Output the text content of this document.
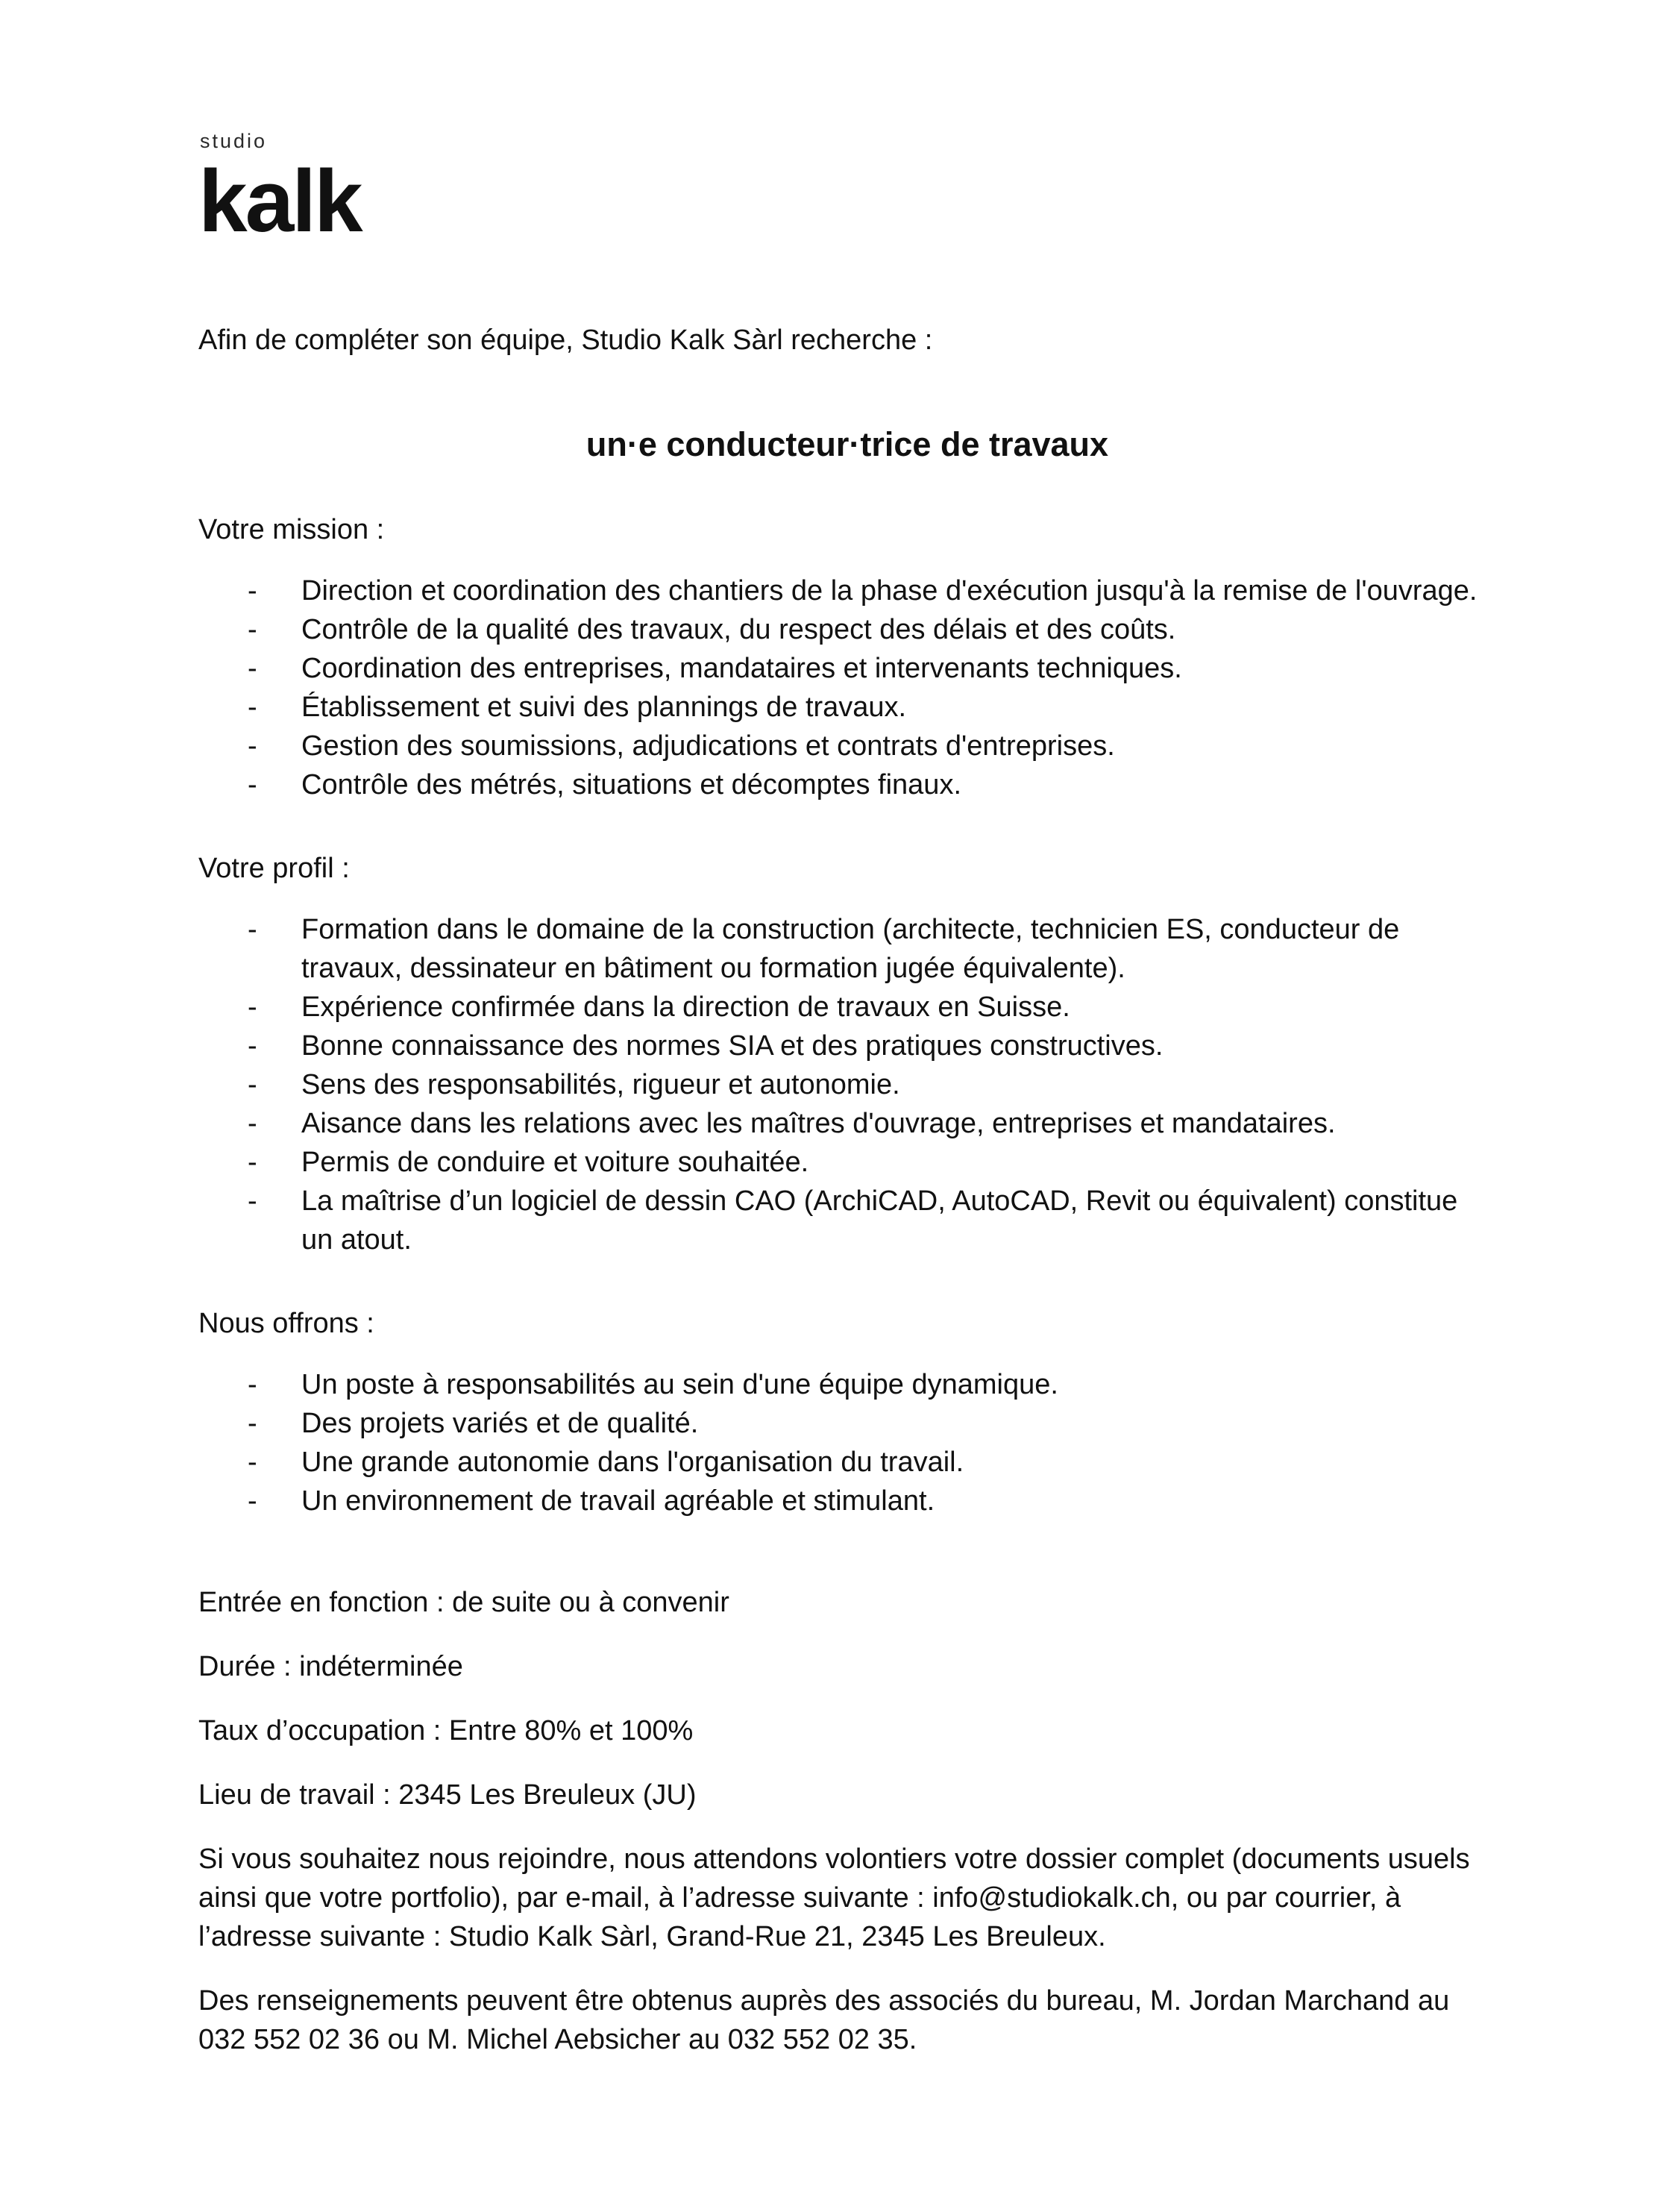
studio
kalk

Afin de compléter son équipe, Studio Kalk Sàrl recherche :

un·e conducteur·trice de travaux

Votre mission :

- Direction et coordination des chantiers de la phase d'exécution jusqu'à la remise de l'ouvrage.
- Contrôle de la qualité des travaux, du respect des délais et des coûts.
- Coordination des entreprises, mandataires et intervenants techniques.
- Établissement et suivi des plannings de travaux.
- Gestion des soumissions, adjudications et contrats d'entreprises.
- Contrôle des métrés, situations et décomptes finaux.

Votre profil :

- Formation dans le domaine de la construction (architecte, technicien ES, conducteur de travaux, dessinateur en bâtiment ou formation jugée équivalente).
- Expérience confirmée dans la direction de travaux en Suisse.
- Bonne connaissance des normes SIA et des pratiques constructives.
- Sens des responsabilités, rigueur et autonomie.
- Aisance dans les relations avec les maîtres d'ouvrage, entreprises et mandataires.
- Permis de conduire et voiture souhaitée.
- La maîtrise d’un logiciel de dessin CAO (ArchiCAD, AutoCAD, Revit ou équivalent) constitue un atout.

Nous offrons :

- Un poste à responsabilités au sein d'une équipe dynamique.
- Des projets variés et de qualité.
- Une grande autonomie dans l'organisation du travail.
- Un environnement de travail agréable et stimulant.

Entrée en fonction : de suite ou à convenir

Durée : indéterminée

Taux d’occupation : Entre 80% et 100%

Lieu de travail : 2345 Les Breuleux (JU)

Si vous souhaitez nous rejoindre, nous attendons volontiers votre dossier complet (documents usuels ainsi que votre portfolio), par e-mail, à l’adresse suivante : info@studiokalk.ch, ou par courrier, à l’adresse suivante : Studio Kalk Sàrl, Grand-Rue 21, 2345 Les Breuleux.

Des renseignements peuvent être obtenus auprès des associés du bureau, M. Jordan Marchand au 032 552 02 36 ou M. Michel Aebsicher au 032 552 02 35.
